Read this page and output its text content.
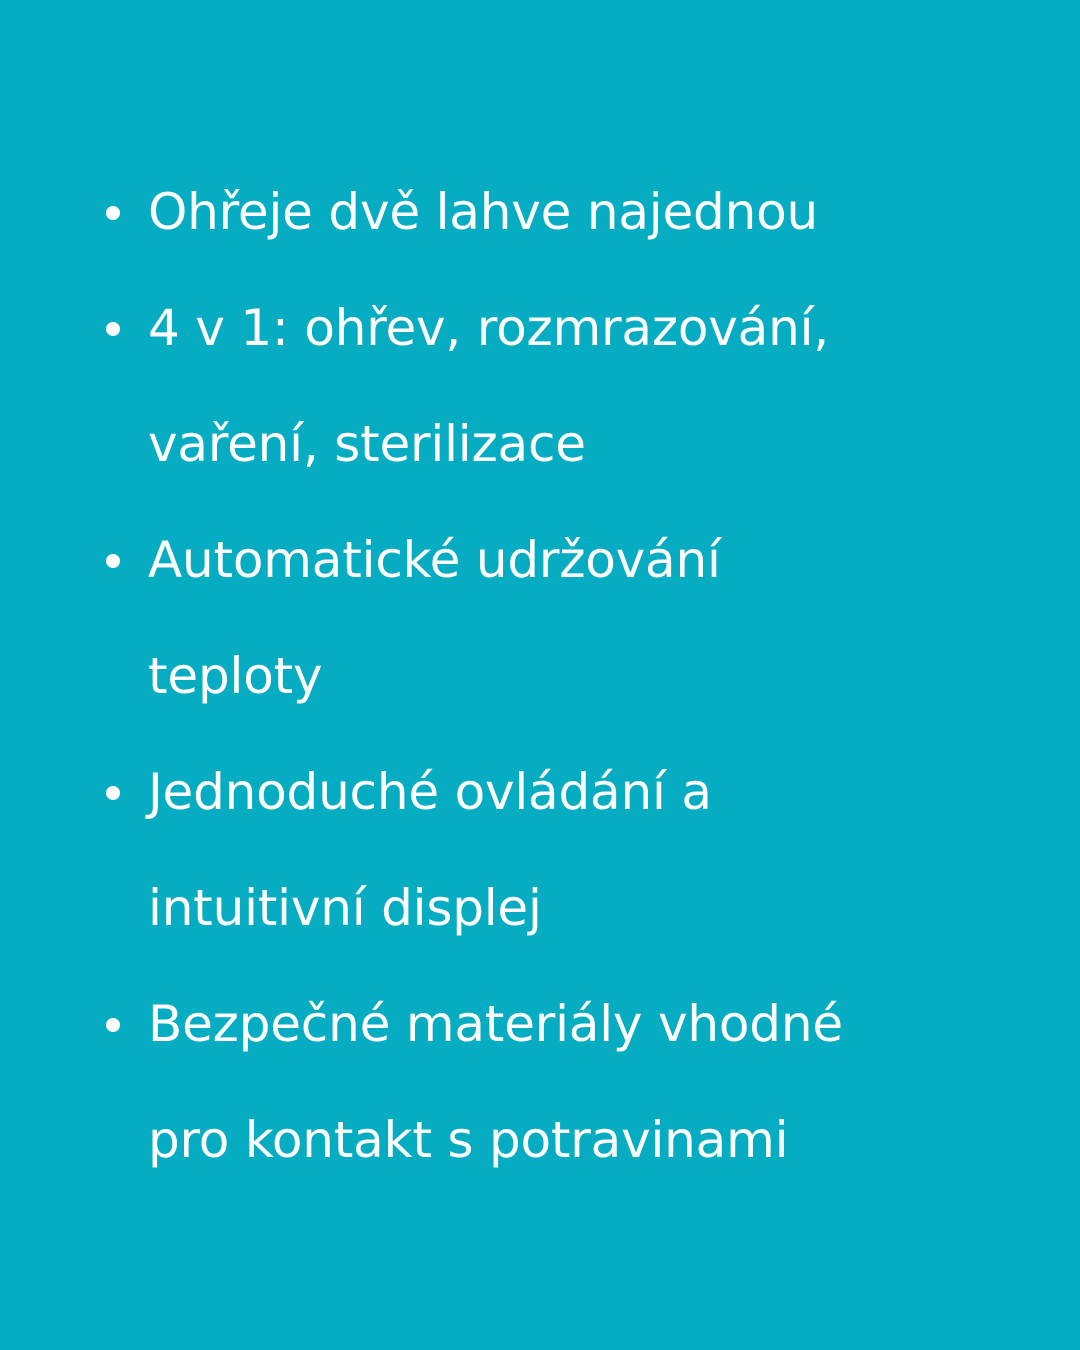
Ohřeje dvě lahve najednou
4 v 1: ohřev, rozmrazování,
vaření, sterilizace
Automatické udržování
teploty
Jednoduché ovládání a
intuitivní displej
Bezpečné materiály vhodné
pro kontakt s potravinami
